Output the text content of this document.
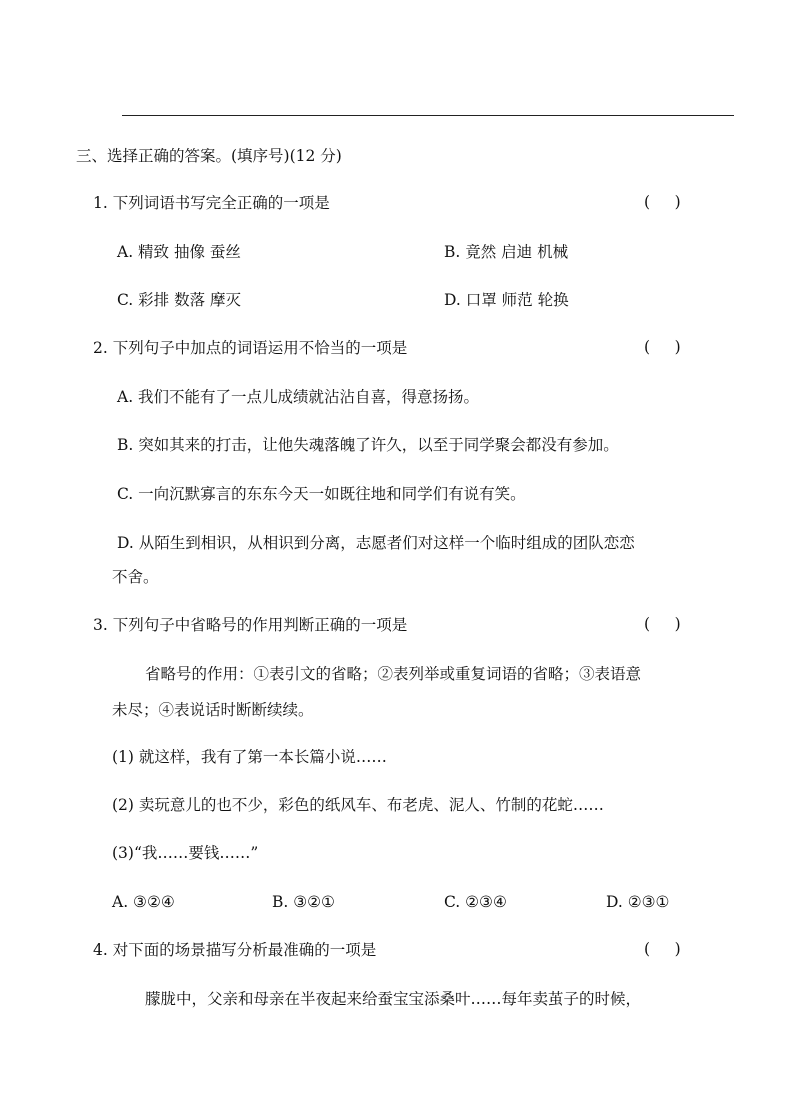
三、选择正确的答案。(填序号)(12 分)
1. 下列词语书写完全正确的一项是	(     )
A. 精致 抽像 蚕丝	B. 竟然 启迪 机械
C. 彩排 数落 摩灭	D. 口罩 师范 轮换
2. 下列句子中加点的词语运用不恰当的一项是	(     )
A. 我们不能有了一点儿成绩就沾沾自喜，得意扬扬。
B. 突如其来的打击，让他失魂落魄了许久，以至于同学聚会都没有参加。
C. 一向沉默寡言的东东今天一如既往地和同学们有说有笑。
D. 从陌生到相识，从相识到分离，志愿者们对这样一个临时组成的团队恋恋
不舍。
3. 下列句子中省略号的作用判断正确的一项是	(     )
省略号的作用：①表引文的省略；②表列举或重复词语的省略；③表语意
未尽；④表说话时断断续续。
(1) 就这样，我有了第一本长篇小说……
(2) 卖玩意儿的也不少，彩色的纸风车、布老虎、泥人、竹制的花蛇……
(3)“我……要钱……”
A. ③②④	B. ③②①	C. ②③④	D. ②③①
4. 对下面的场景描写分析最准确的一项是	(     )
朦胧中，父亲和母亲在半夜起来给蚕宝宝添桑叶……每年卖茧子的时候，
